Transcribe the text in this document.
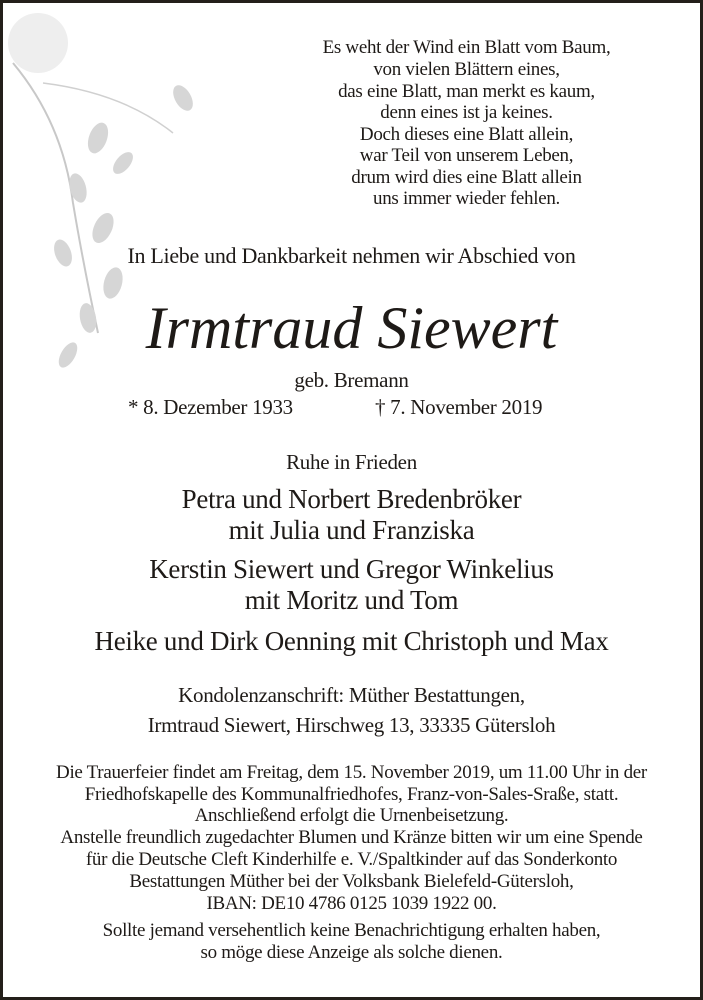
Es weht der Wind ein Blatt vom Baum,
von vielen Blättern eines,
das eine Blatt, man merkt es kaum,
denn eines ist ja keines.
Doch dieses eine Blatt allein,
war Teil von unserem Leben,
drum wird dies eine Blatt allein
uns immer wieder fehlen.
In Liebe und Dankbarkeit nehmen wir Abschied von
Irmtraud Siewert
geb. Bremann
* 8. Dezember 1933	† 7. November 2019
Ruhe in Frieden
Petra und Norbert Bredenbröker
mit Julia und Franziska
Kerstin Siewert und Gregor Winkelius
mit Moritz und Tom
Heike und Dirk Oenning mit Christoph und Max
Kondolenzanschrift: Müther Bestattungen,
Irmtraud Siewert, Hirschweg 13, 33335 Gütersloh
Die Trauerfeier findet am Freitag, dem 15. November 2019, um 11.00 Uhr in der
Friedhofskapelle des Kommunalfriedhofes, Franz-von-Sales-Sraße, statt.
Anschließend erfolgt die Urnenbeisetzung.
Anstelle freundlich zugedachter Blumen und Kränze bitten wir um eine Spende
für die Deutsche Cleft Kinderhilfe e. V./Spaltkinder auf das Sonderkonto
Bestattungen Müther bei der Volksbank Bielefeld-Gütersloh,
IBAN: DE10 4786 0125 1039 1922 00.
Sollte jemand versehentlich keine Benachrichtigung erhalten haben,
so möge diese Anzeige als solche dienen.
